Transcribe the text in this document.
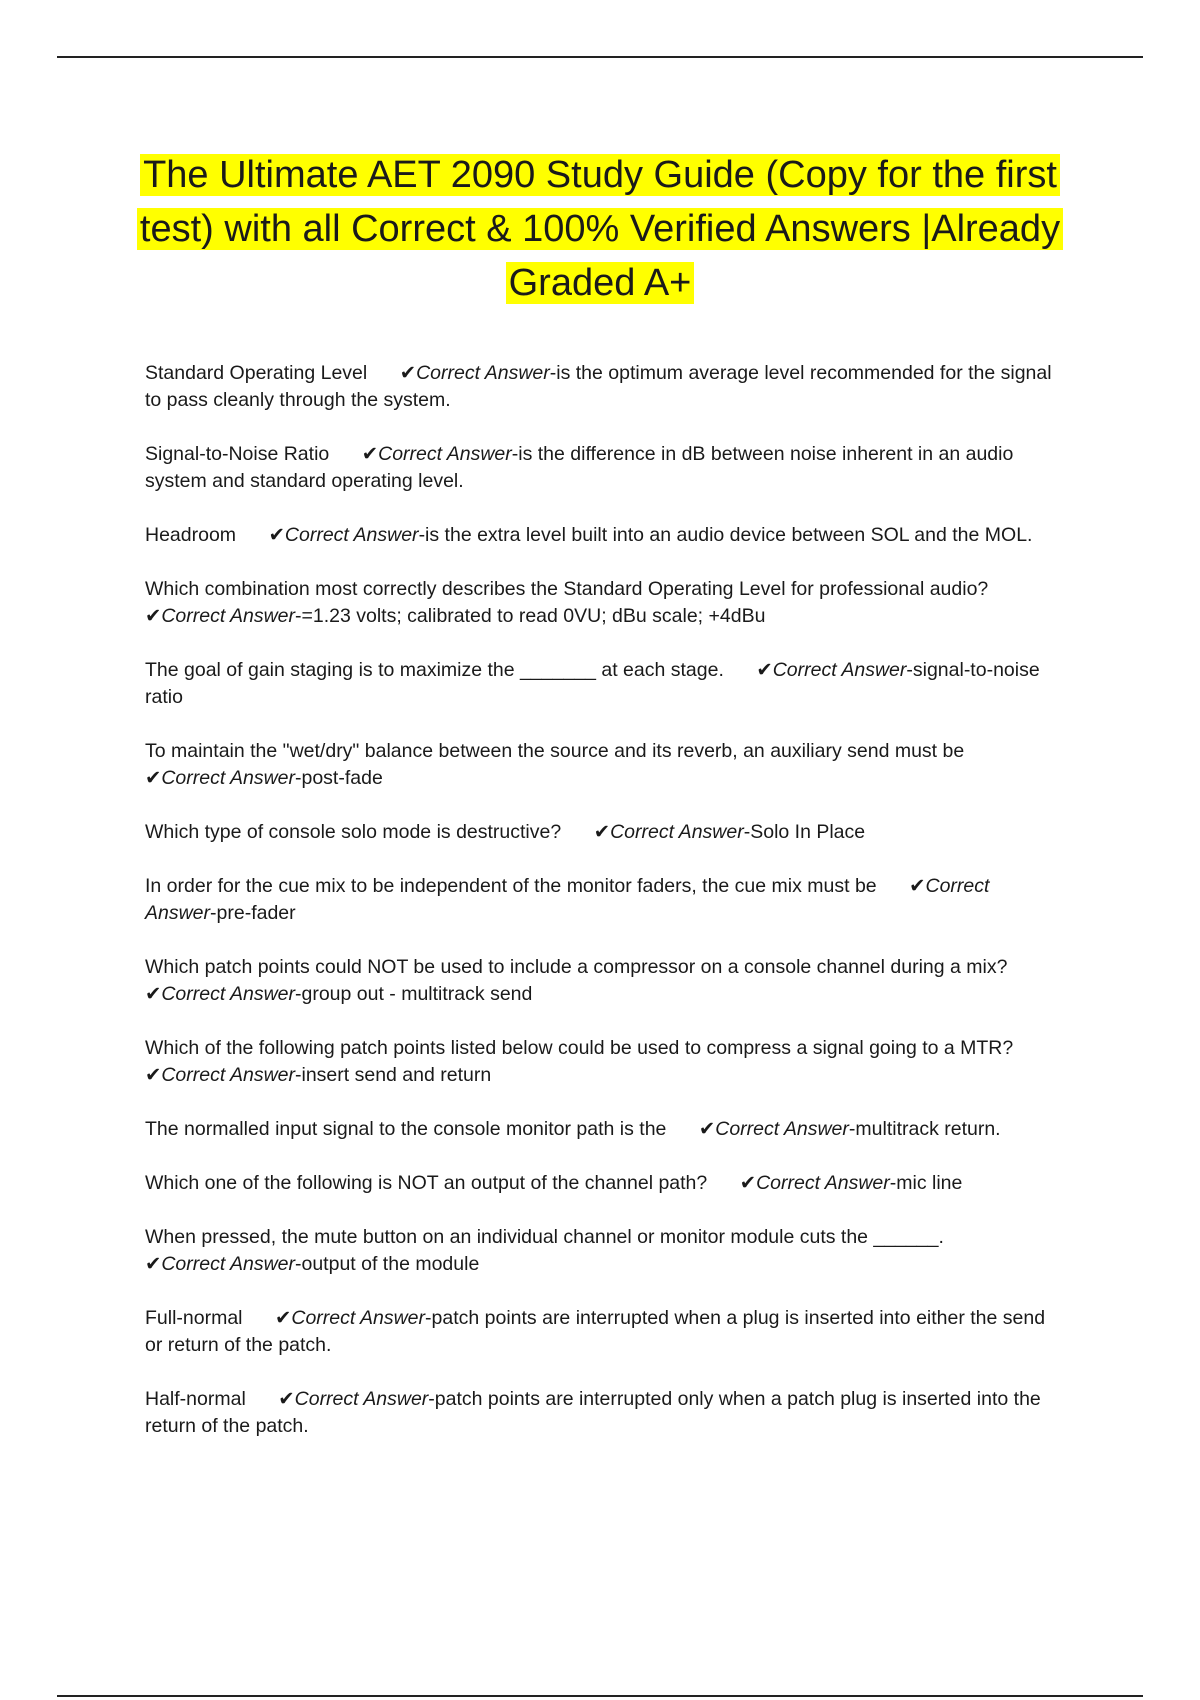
The Ultimate AET 2090 Study Guide (Copy for the first test) with all Correct & 100% Verified Answers |Already Graded A+
Standard Operating Level      ✔Correct Answer-is the optimum average level recommended for the signal to pass cleanly through the system.
Signal-to-Noise Ratio      ✔Correct Answer-is the difference in dB between noise inherent in an audio system and standard operating level.
Headroom      ✔Correct Answer-is the extra level built into an audio device between SOL and the MOL.
Which combination most correctly describes the Standard Operating Level for professional audio?
✔Correct Answer-=1.23 volts; calibrated to read 0VU; dBu scale; +4dBu
The goal of gain staging is to maximize the _______ at each stage.      ✔Correct Answer-signal-to-noise ratio
To maintain the "wet/dry" balance between the source and its reverb, an auxiliary send must be
✔Correct Answer-post-fade
Which type of console solo mode is destructive?      ✔Correct Answer-Solo In Place
In order for the cue mix to be independent of the monitor faders, the cue mix must be      ✔Correct Answer-pre-fader
Which patch points could NOT be used to include a compressor on a console channel during a mix?
✔Correct Answer-group out - multitrack send
Which of the following patch points listed below could be used to compress a signal going to a MTR?
✔Correct Answer-insert send and return
The normalled input signal to the console monitor path is the      ✔Correct Answer-multitrack return.
Which one of the following is NOT an output of the channel path?      ✔Correct Answer-mic line
When pressed, the mute button on an individual channel or monitor module cuts the ______.
✔Correct Answer-output of the module
Full-normal      ✔Correct Answer-patch points are interrupted when a plug is inserted into either the send or return of the patch.
Half-normal      ✔Correct Answer-patch points are interrupted only when a patch plug is inserted into the return of the patch.
